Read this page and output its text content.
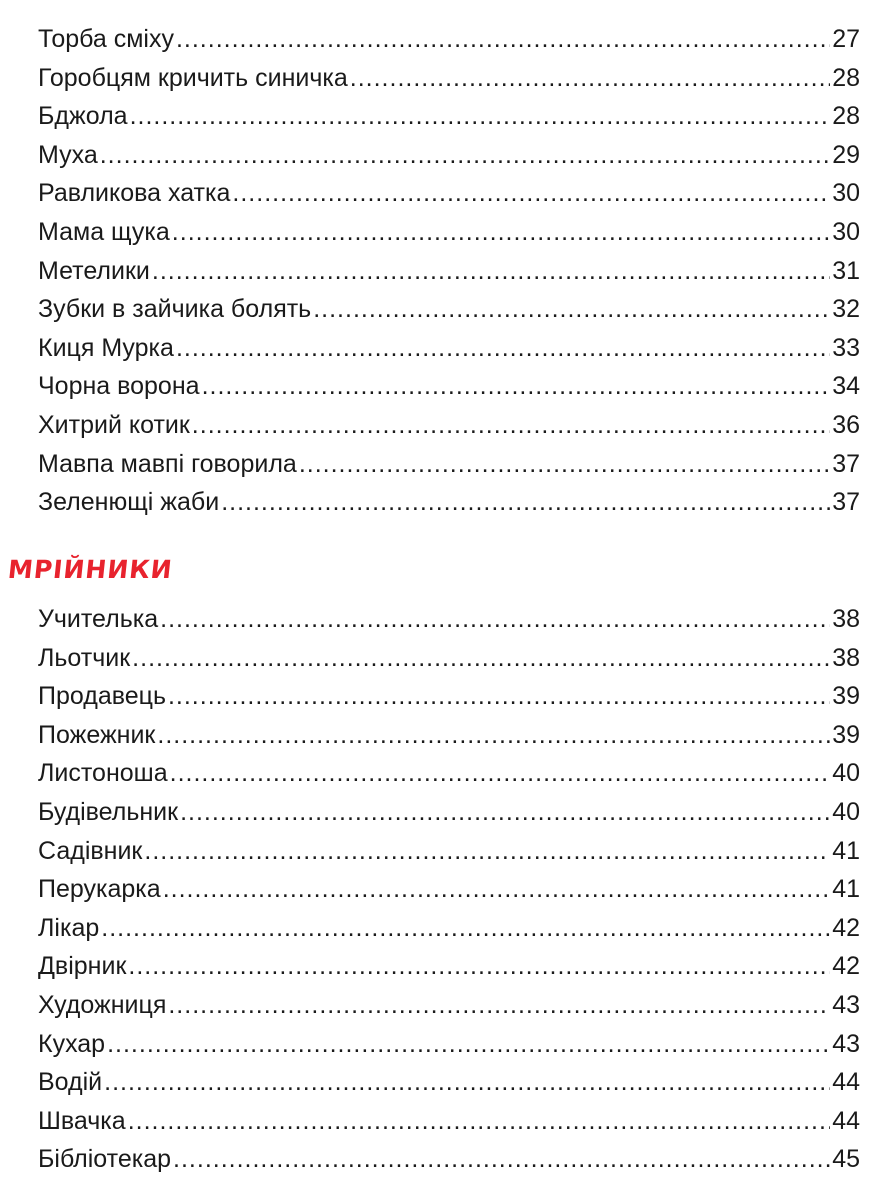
Торба сміху .....	27
Горобцям кричить синичка .....	28
Бджола .....	28
Муха .....	29
Равликова хатка .....	30
Мама щука .....	30
Метелики .....	31
Зубки в зайчика болять .....	32
Киця Мурка .....	33
Чорна ворона .....	34
Хитрий котик .....	36
Мавпа мавпі говорила .....	37
Зеленющі жаби .....	37
МРІЙНИКИ
Учителька .....	38
Льотчик .....	38
Продавець .....	39
Пожежник .....	39
Листоноша .....	40
Будівельник .....	40
Садівник .....	41
Перукарка .....	41
Лікар .....	42
Двірник .....	42
Художниця .....	43
Кухар .....	43
Водій .....	44
Швачка .....	44
Бібліотекар .....	45
